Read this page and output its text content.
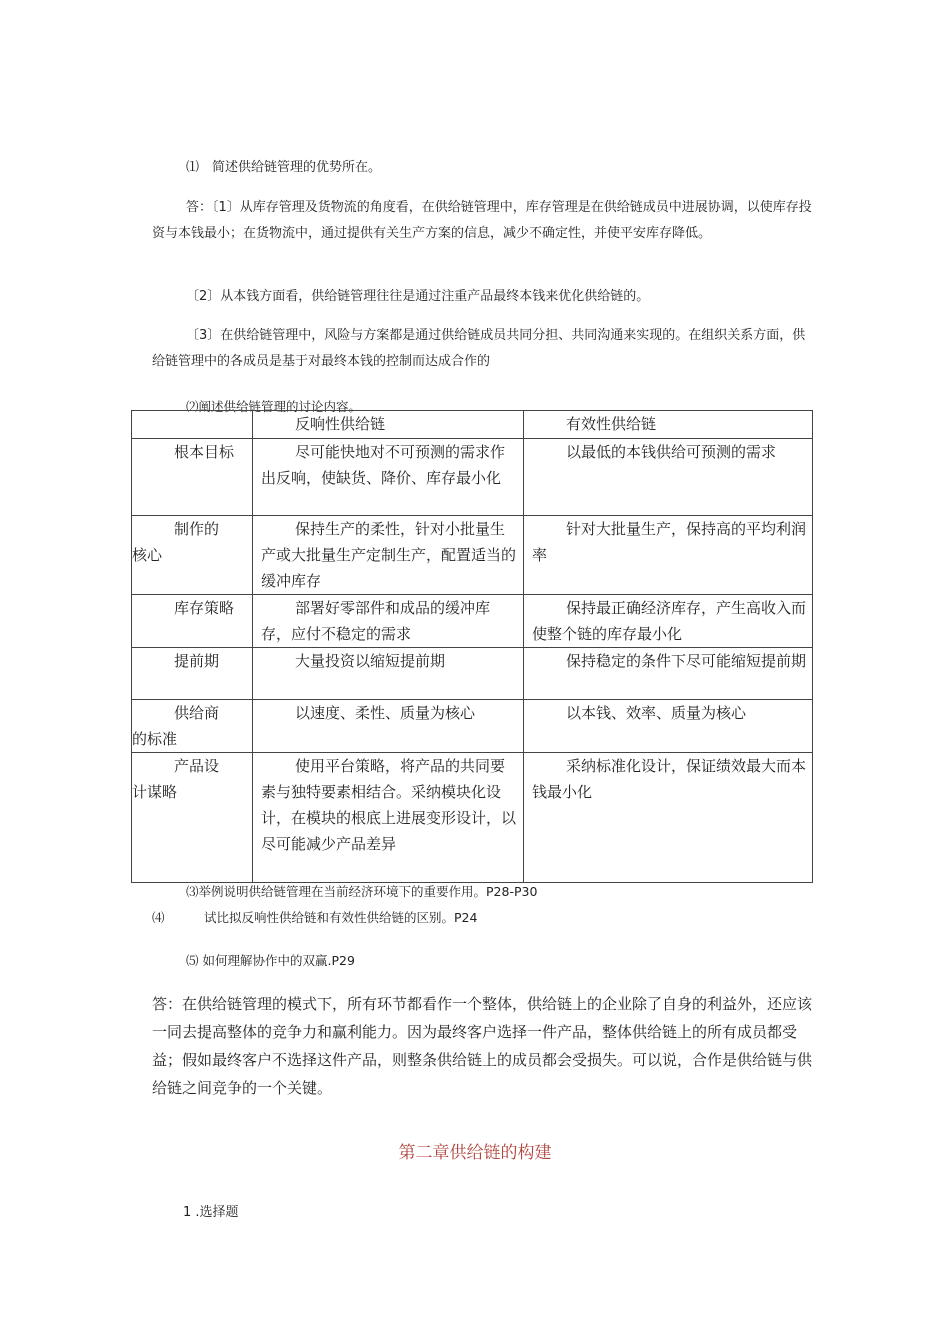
⑴　简述供给链管理的优势所在。

答：〔1〕从库存管理及货物流的角度看，在供给链管理中，库存管理是在供给链成员中进展协调，以使库存投资与本钱最小；在货物流中，通过提供有关生产方案的信息，减少不确定性，并使平安库存降低。

〔2〕从本钱方面看，供给链管理往往是通过注重产品最终本钱来优化供给链的。

〔3〕在供给链管理中，风险与方案都是通过供给链成员共同分担、共同沟通来实现的。在组织关系方面，供给链管理中的各成员是基于对最终本钱的控制而达成合作的

⑵阐述供给链管理的讨论内容。

	反响性供给链	有效性供给链

根本目标	尽可能快地对不可预测的需求作出反响，使缺货、降价、库存最小化	以最低的本钱供给可预测的需求

制作的
核心	保持生产的柔性，针对小批量生产或大批量生产定制生产，配置适当的缓冲库存	针对大批量生产，保持高的平均利润率

库存策略	部署好零部件和成品的缓冲库存，应付不稳定的需求	保持最正确经济库存，产生高收入而使整个链的库存最小化

提前期	大量投资以缩短提前期	保持稳定的条件下尽可能缩短提前期

供给商
的标准	以速度、柔性、质量为核心	以本钱、效率、质量为核心

产品设
计谋略	使用平台策略，将产品的共同要素与独特要素相结合。采纳模块化设计，在模块的根底上进展变形设计，以尽可能减少产品差异	采纳标准化设计，保证绩效最大而本钱最小化

⑶举例说明供给链管理在当前经济环境下的重要作用。P28-P30

⑷	试比拟反响性供给链和有效性供给链的区别。P24

⑸ 如何理解协作中的双赢.P29

答：在供给链管理的模式下，所有环节都看作一个整体，供给链上的企业除了自身的利益外，还应该一同去提高整体的竞争力和赢利能力。因为最终客户选择一件产品，整体供给链上的所有成员都受益；假如最终客户不选择这件产品，则整条供给链上的成员都会受损失。可以说，合作是供给链与供给链之间竞争的一个关键。

第二章供给链的构建

1 .选择题
